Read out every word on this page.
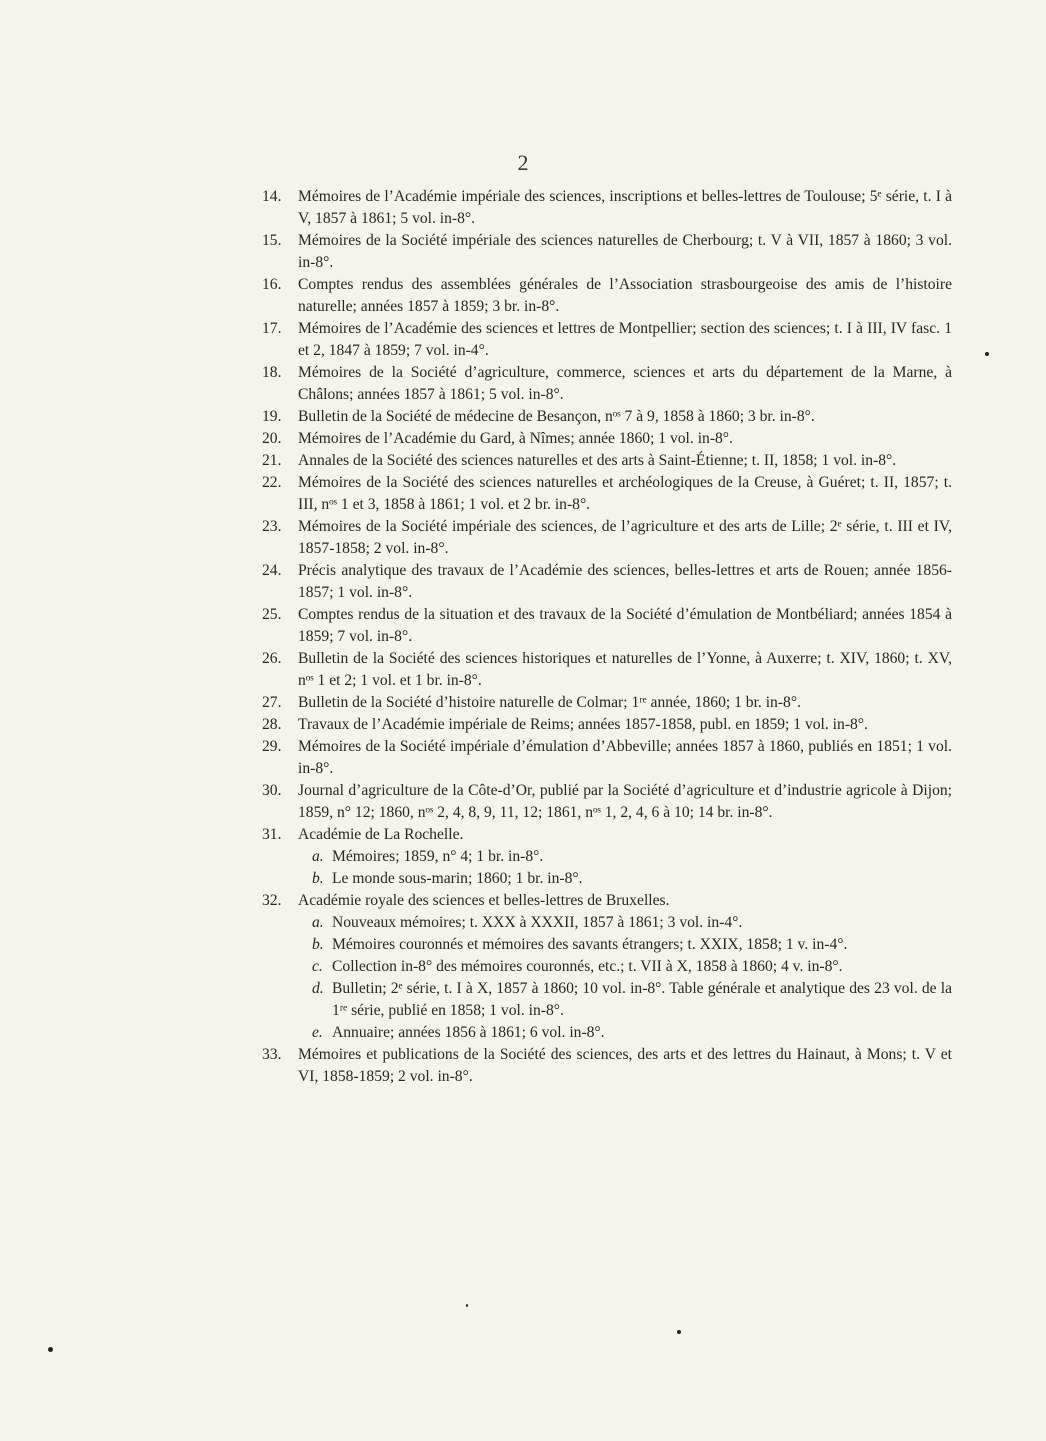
2
14. Mémoires de l’Académie impériale des sciences, inscriptions et belles-lettres de Toulouse; 5ᵉ série, t. I à V, 1857 à 1861; 5 vol. in-8°.
15. Mémoires de la Société impériale des sciences naturelles de Cherbourg; t. V à VII, 1857 à 1860; 3 vol. in-8°.
16. Comptes rendus des assemblées générales de l’Association strasbourgeoise des amis de l’histoire naturelle; années 1857 à 1859; 3 br. in-8°.
17. Mémoires de l’Académie des sciences et lettres de Montpellier; section des sciences; t. I à III, IV fasc. 1 et 2, 1847 à 1859; 7 vol. in-4°.
18. Mémoires de la Société d’agriculture, commerce, sciences et arts du département de la Marne, à Châlons; années 1857 à 1861; 5 vol. in-8°.
19. Bulletin de la Société de médecine de Besançon, nᵒˢ 7 à 9, 1858 à 1860; 3 br. in-8°.
20. Mémoires de l’Académie du Gard, à Nîmes; année 1860; 1 vol. in-8°.
21. Annales de la Société des sciences naturelles et des arts à Saint-Étienne; t. II, 1858; 1 vol. in-8°.
22. Mémoires de la Société des sciences naturelles et archéologiques de la Creuse, à Guéret; t. II, 1857; t. III, nᵒˢ 1 et 3, 1858 à 1861; 1 vol. et 2 br. in-8°.
23. Mémoires de la Société impériale des sciences, de l’agriculture et des arts de Lille; 2ᵉ série, t. III et IV, 1857-1858; 2 vol. in-8°.
24. Précis analytique des travaux de l’Académie des sciences, belles-lettres et arts de Rouen; année 1856-1857; 1 vol. in-8°.
25. Comptes rendus de la situation et des travaux de la Société d’émulation de Montbéliard; années 1854 à 1859; 7 vol. in-8°.
26. Bulletin de la Société des sciences historiques et naturelles de l’Yonne, à Auxerre; t. XIV, 1860; t. XV, nᵒˢ 1 et 2; 1 vol. et 1 br. in-8°.
27. Bulletin de la Société d’histoire naturelle de Colmar; 1ʳᵉ année, 1860; 1 br. in-8°.
28. Travaux de l’Académie impériale de Reims; années 1857-1858, publ. en 1859; 1 vol. in-8°.
29. Mémoires de la Société impériale d’émulation d’Abbeville; années 1857 à 1860, publiés en 1851; 1 vol. in-8°.
30. Journal d’agriculture de la Côte-d’Or, publié par la Société d’agriculture et d’industrie agricole à Dijon; 1859, n° 12; 1860, nᵒˢ 2, 4, 8, 9, 11, 12; 1861, nᵒˢ 1, 2, 4, 6 à 10; 14 br. in-8°.
31. Académie de La Rochelle.
a. Mémoires; 1859, n° 4; 1 br. in-8°.
b. Le monde sous-marin; 1860; 1 br. in-8°.
32. Académie royale des sciences et belles-lettres de Bruxelles.
a. Nouveaux mémoires; t. XXX à XXXII, 1857 à 1861; 3 vol. in-4°.
b. Mémoires couronnés et mémoires des savants étrangers; t. XXIX, 1858; 1 v. in-4°.
c. Collection in-8° des mémoires couronnés, etc.; t. VII à X, 1858 à 1860; 4 v. in-8°.
d. Bulletin; 2ᵉ série, t. I à X, 1857 à 1860; 10 vol. in-8°. Table générale et analytique des 23 vol. de la 1ʳᵉ série, publié en 1858; 1 vol. in-8°.
e. Annuaire; années 1856 à 1861; 6 vol. in-8°.
33. Mémoires et publications de la Société des sciences, des arts et des lettres du Hainaut, à Mons; t. V et VI, 1858-1859; 2 vol. in-8°.
